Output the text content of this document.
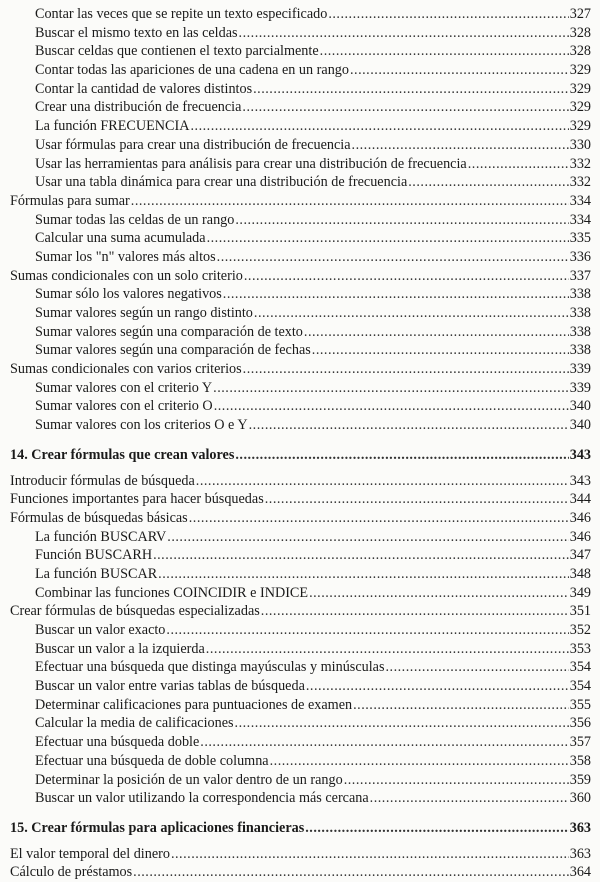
Contar las veces que se repite un texto especificado .....	327
Buscar el mismo texto en las celdas .....	328
Buscar celdas que contienen el texto parcialmente .....	328
Contar todas las apariciones de una cadena en un rango .....	329
Contar la cantidad de valores distintos .....	329
Crear una distribución de frecuencia .....	329
La función FRECUENCIA .....	329
Usar fórmulas para crear una distribución de frecuencia .....	330
Usar las herramientas para análisis para crear una distribución de frecuencia .....	332
Usar una tabla dinámica para crear una distribución de frecuencia .....	332
Fórmulas para sumar .....	334
Sumar todas las celdas de un rango .....	334
Calcular una suma acumulada .....	335
Sumar los "n" valores más altos .....	336
Sumas condicionales con un solo criterio .....	337
Sumar sólo los valores negativos .....	338
Sumar valores según un rango distinto .....	338
Sumar valores según una comparación de texto .....	338
Sumar valores según una comparación de fechas .....	338
Sumas condicionales con varios criterios .....	339
Sumar valores con el criterio Y .....	339
Sumar valores con el criterio O .....	340
Sumar valores con los criterios O e Y .....	340
14. Crear fórmulas que crean valores .....	343
Introducir fórmulas de búsqueda .....	343
Funciones importantes para hacer búsquedas .....	344
Fórmulas de búsquedas básicas .....	346
La función BUSCARV .....	346
Función BUSCARH .....	347
La función BUSCAR .....	348
Combinar las funciones COINCIDIR e INDICE .....	349
Crear fórmulas de búsquedas especializadas .....	351
Buscar un valor exacto .....	352
Buscar un valor a la izquierda .....	353
Efectuar una búsqueda que distinga mayúsculas y minúsculas .....	354
Buscar un valor entre varias tablas de búsqueda .....	354
Determinar calificaciones para puntuaciones de examen .....	355
Calcular la media de calificaciones .....	356
Efectuar una búsqueda doble .....	357
Efectuar una búsqueda de doble columna .....	358
Determinar la posición de un valor dentro de un rango .....	359
Buscar un valor utilizando la correspondencia más cercana .....	360
15. Crear fórmulas para aplicaciones financieras .....	363
El valor temporal del dinero .....	363
Cálculo de préstamos .....	364
